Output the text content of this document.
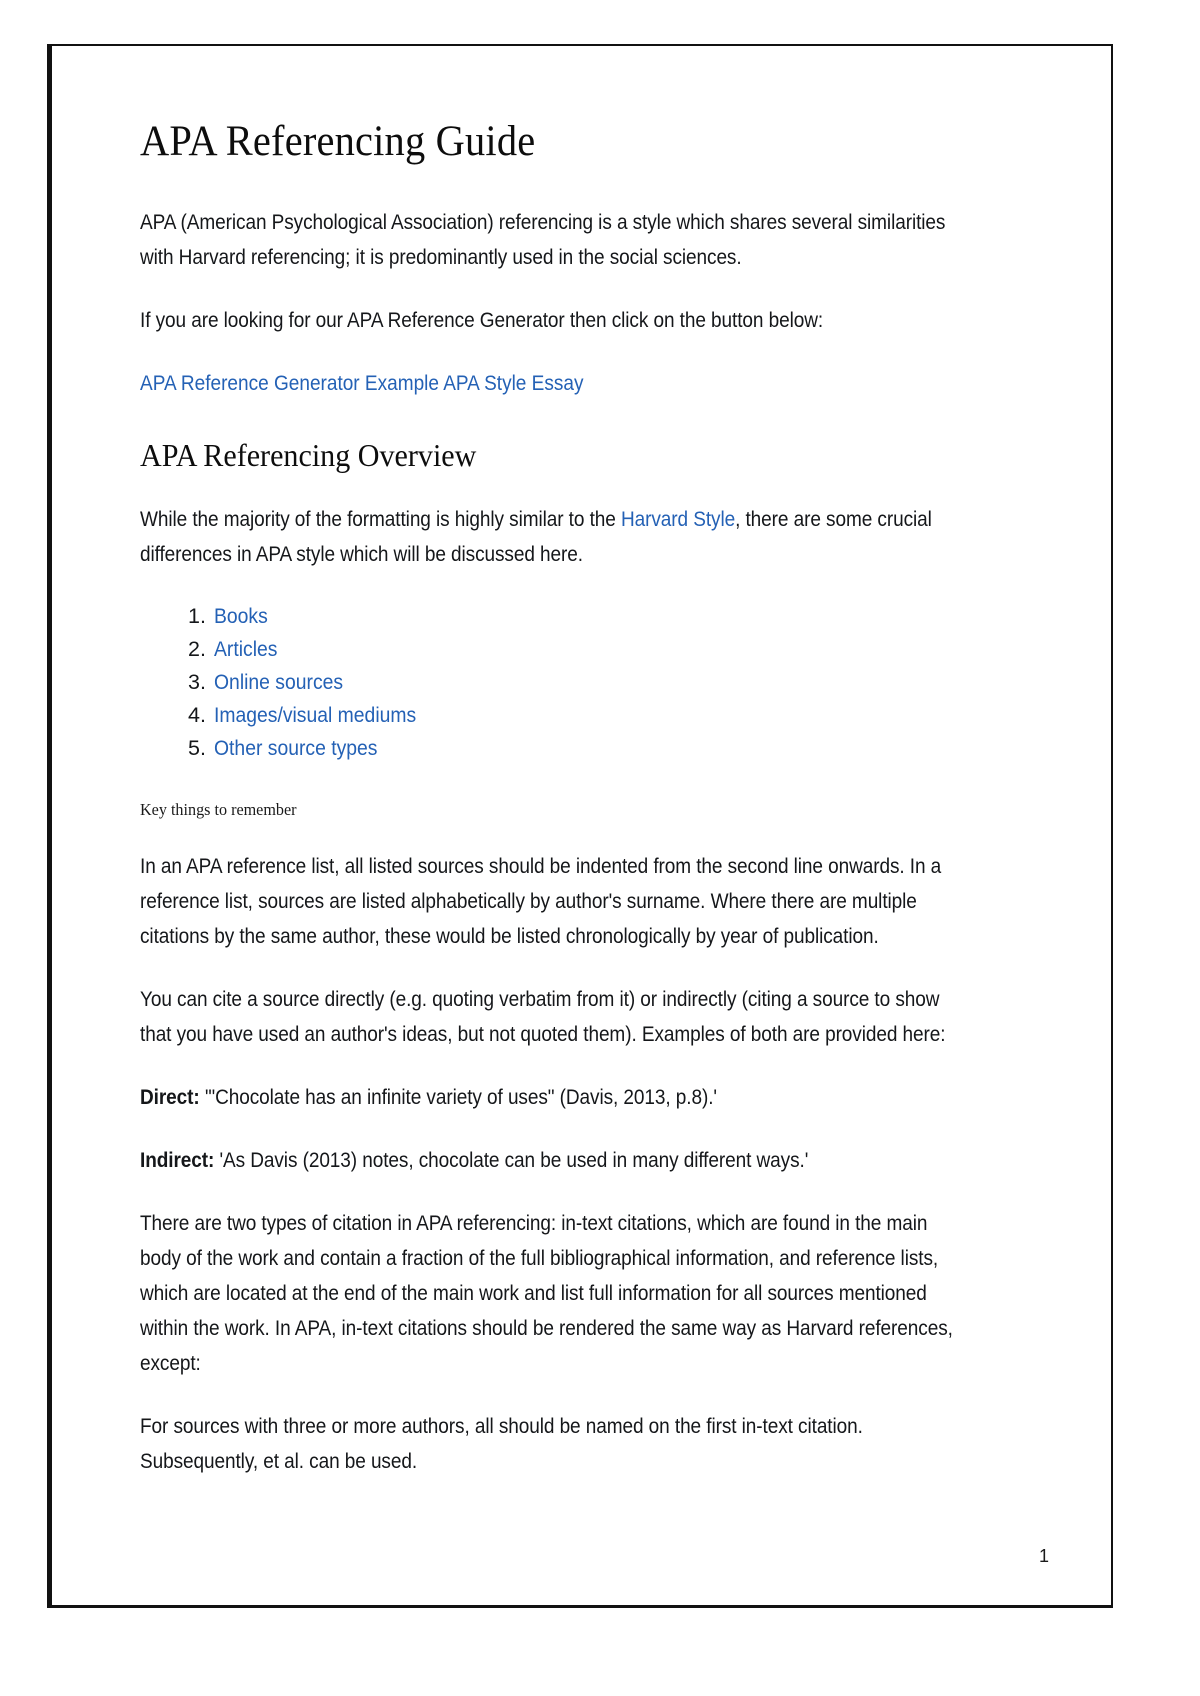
APA Referencing Guide

APA (American Psychological Association) referencing is a style which shares several similarities with Harvard referencing; it is predominantly used in the social sciences.

If you are looking for our APA Reference Generator then click on the button below:

APA Reference Generator Example APA Style Essay

APA Referencing Overview

While the majority of the formatting is highly similar to the Harvard Style, there are some crucial differences in APA style which will be discussed here.

Books
Articles
Online sources
Images/visual mediums
Other source types

Key things to remember

In an APA reference list, all listed sources should be indented from the second line onwards. In a reference list, sources are listed alphabetically by author's surname. Where there are multiple citations by the same author, these would be listed chronologically by year of publication.

You can cite a source directly (e.g. quoting verbatim from it) or indirectly (citing a source to show that you have used an author's ideas, but not quoted them). Examples of both are provided here:

Direct: '"Chocolate has an infinite variety of uses" (Davis, 2013, p.8).'

Indirect: 'As Davis (2013) notes, chocolate can be used in many different ways.'

There are two types of citation in APA referencing: in-text citations, which are found in the main body of the work and contain a fraction of the full bibliographical information, and reference lists, which are located at the end of the main work and list full information for all sources mentioned within the work. In APA, in-text citations should be rendered the same way as Harvard references, except:

For sources with three or more authors, all should be named on the first in-text citation. Subsequently, et al. can be used.

1
